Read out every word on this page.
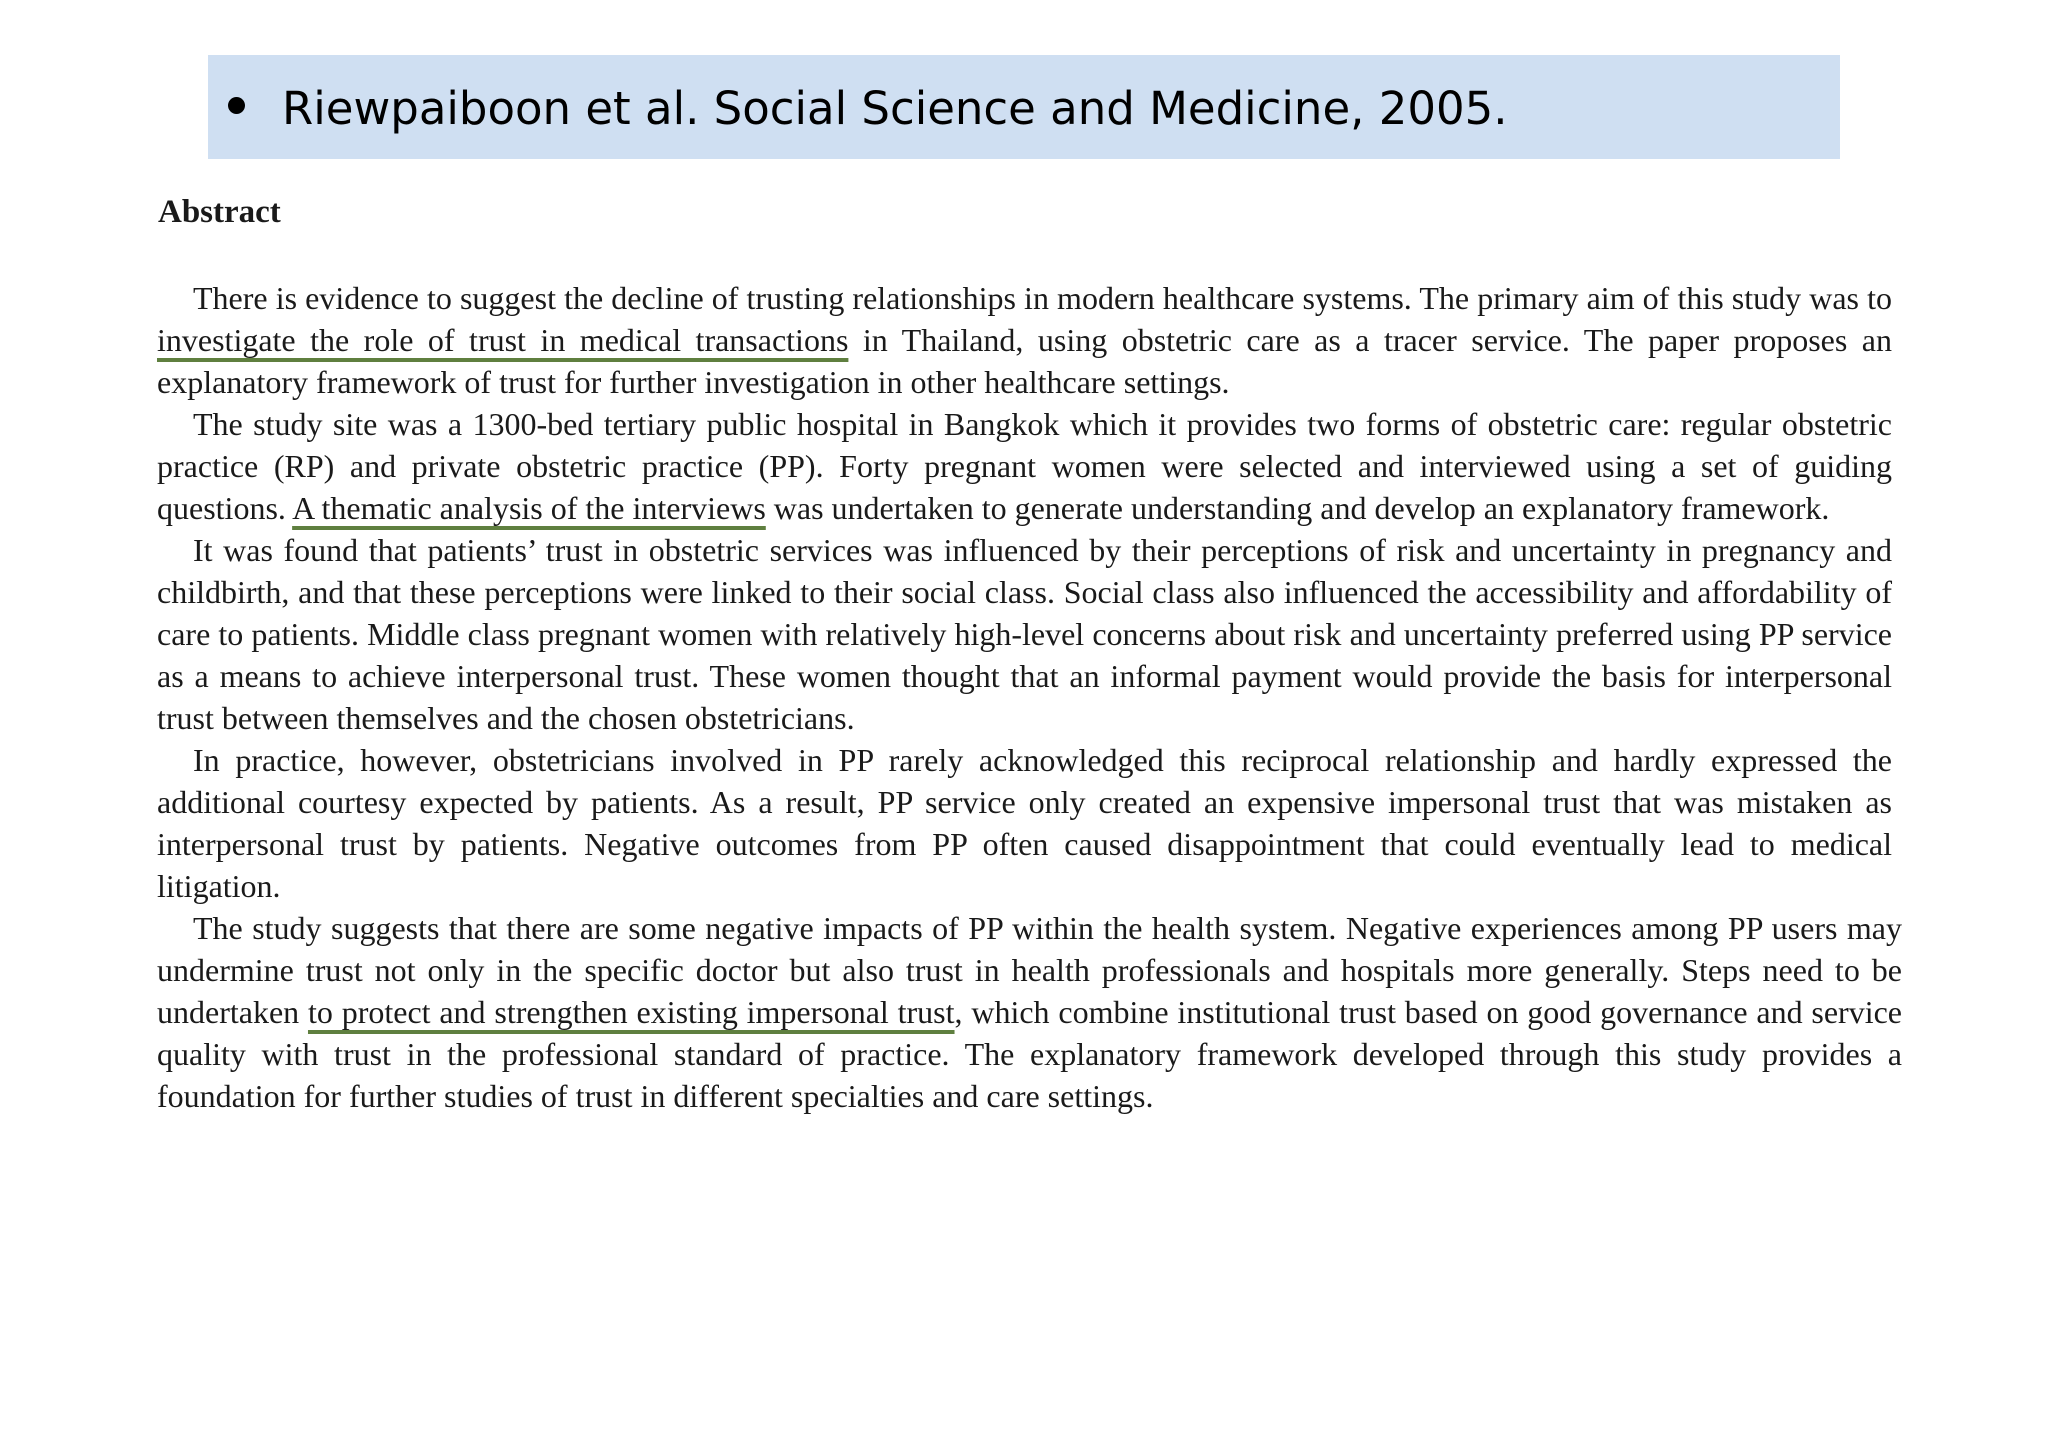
Riewpaiboon et al. Social Science and Medicine, 2005.
Abstract

There is evidence to suggest the decline of trusting relationships in modern healthcare systems. The primary aim of this study was to investigate the role of trust in medical transactions in Thailand, using obstetric care as a tracer service. The paper proposes an explanatory framework of trust for further investigation in other healthcare settings.

The study site was a 1300-bed tertiary public hospital in Bangkok which it provides two forms of obstetric care: regular obstetric practice (RP) and private obstetric practice (PP). Forty pregnant women were selected and interviewed using a set of guiding questions. A thematic analysis of the interviews was undertaken to generate understanding and develop an explanatory framework.

It was found that patients’ trust in obstetric services was influenced by their perceptions of risk and uncertainty in pregnancy and childbirth, and that these perceptions were linked to their social class. Social class also influenced the accessibility and affordability of care to patients. Middle class pregnant women with relatively high-level concerns about risk and uncertainty preferred using PP service as a means to achieve interpersonal trust. These women thought that an informal payment would provide the basis for interpersonal trust between themselves and the chosen obstetricians.

In practice, however, obstetricians involved in PP rarely acknowledged this reciprocal relationship and hardly expressed the additional courtesy expected by patients. As a result, PP service only created an expensive impersonal trust that was mistaken as interpersonal trust by patients. Negative outcomes from PP often caused disappointment that could eventually lead to medical litigation.

The study suggests that there are some negative impacts of PP within the health system. Negative experiences among PP users may undermine trust not only in the specific doctor but also trust in health professionals and hospitals more generally. Steps need to be undertaken to protect and strengthen existing impersonal trust, which combine institutional trust based on good governance and service quality with trust in the professional standard of practice. The explanatory framework developed through this study provides a foundation for further studies of trust in different specialties and care settings.
